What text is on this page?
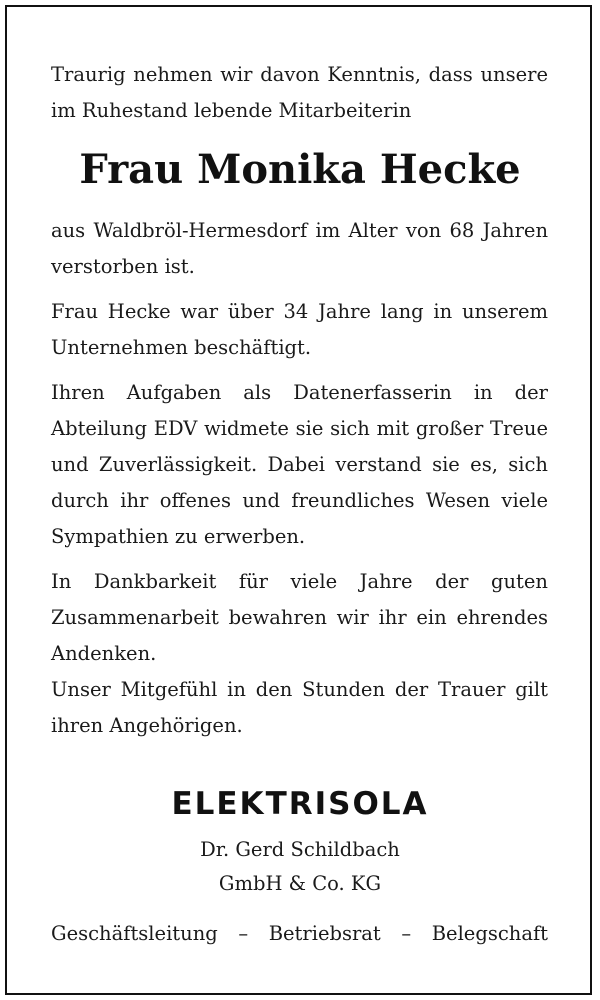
Traurig nehmen wir davon Kenntnis, dass unsere im Ruhestand lebende Mitarbeiterin

Frau Monika Hecke

aus Waldbröl-Hermesdorf im Alter von 68 Jahren verstorben ist.

Frau Hecke war über 34 Jahre lang in unserem Unternehmen beschäftigt.

Ihren Aufgaben als Datenerfasserin in der Abteilung EDV widmete sie sich mit großer Treue und Zuverlässigkeit. Dabei verstand sie es, sich durch ihr offenes und freundliches Wesen viele Sympathien zu erwerben.

In Dankbarkeit für viele Jahre der guten Zusammenarbeit bewahren wir ihr ein ehrendes Andenken.

Unser Mitgefühl in den Stunden der Trauer gilt ihren Angehörigen.

ELEKTRISOLA

Dr. Gerd Schildbach

GmbH & Co. KG

Geschäftsleitung – Betriebsrat – Belegschaft
